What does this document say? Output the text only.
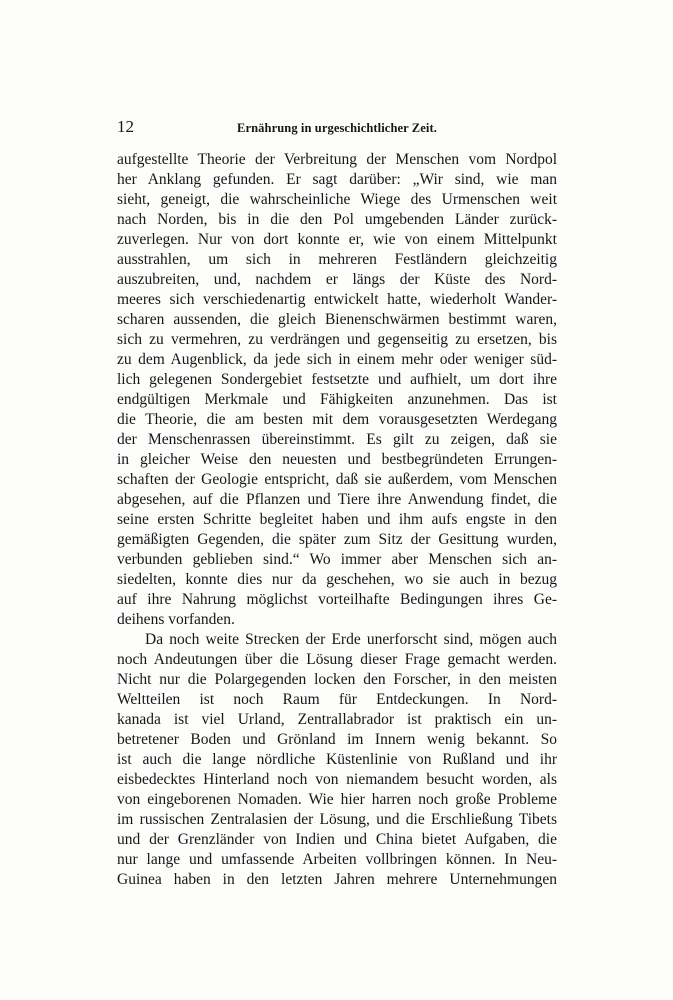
12	Ernährung in urgeschichtlicher Zeit.
aufgestellte Theorie der Verbreitung der Menschen vom Nordpol
her Anklang gefunden. Er sagt darüber: „Wir sind, wie man
sieht, geneigt, die wahrscheinliche Wiege des Urmenschen weit
nach Norden, bis in die den Pol umgebenden Länder zurück-
zuverlegen. Nur von dort konnte er, wie von einem Mittelpunkt
ausstrahlen, um sich in mehreren Festländern gleichzeitig
auszubreiten, und, nachdem er längs der Küste des Nord-
meeres sich verschiedenartig entwickelt hatte, wiederholt Wander-
scharen aussenden, die gleich Bienenschwärmen bestimmt waren,
sich zu vermehren, zu verdrängen und gegenseitig zu ersetzen, bis
zu dem Augenblick, da jede sich in einem mehr oder weniger süd-
lich gelegenen Sondergebiet festsetzte und aufhielt, um dort ihre
endgültigen Merkmale und Fähigkeiten anzunehmen. Das ist
die Theorie, die am besten mit dem vorausgesetzten Werdegang
der Menschenrassen übereinstimmt. Es gilt zu zeigen, daß sie
in gleicher Weise den neuesten und bestbegründeten Errungen-
schaften der Geologie entspricht, daß sie außerdem, vom Menschen
abgesehen, auf die Pflanzen und Tiere ihre Anwendung findet, die
seine ersten Schritte begleitet haben und ihm aufs engste in den
gemäßigten Gegenden, die später zum Sitz der Gesittung wurden,
verbunden geblieben sind.“ Wo immer aber Menschen sich an-
siedelten, konnte dies nur da geschehen, wo sie auch in bezug
auf ihre Nahrung möglichst vorteilhafte Bedingungen ihres Ge-
deihens vorfanden.
Da noch weite Strecken der Erde unerforscht sind, mögen auch
noch Andeutungen über die Lösung dieser Frage gemacht werden.
Nicht nur die Polargegenden locken den Forscher, in den meisten
Weltteilen ist noch Raum für Entdeckungen. In Nord-
kanada ist viel Urland, Zentrallabrador ist praktisch ein un-
betretener Boden und Grönland im Innern wenig bekannt. So
ist auch die lange nördliche Küstenlinie von Rußland und ihr
eisbedecktes Hinterland noch von niemandem besucht worden, als
von eingeborenen Nomaden. Wie hier harren noch große Probleme
im russischen Zentralasien der Lösung, und die Erschließung Tibets
und der Grenzländer von Indien und China bietet Aufgaben, die
nur lange und umfassende Arbeiten vollbringen können. In Neu-
Guinea haben in den letzten Jahren mehrere Unternehmungen
